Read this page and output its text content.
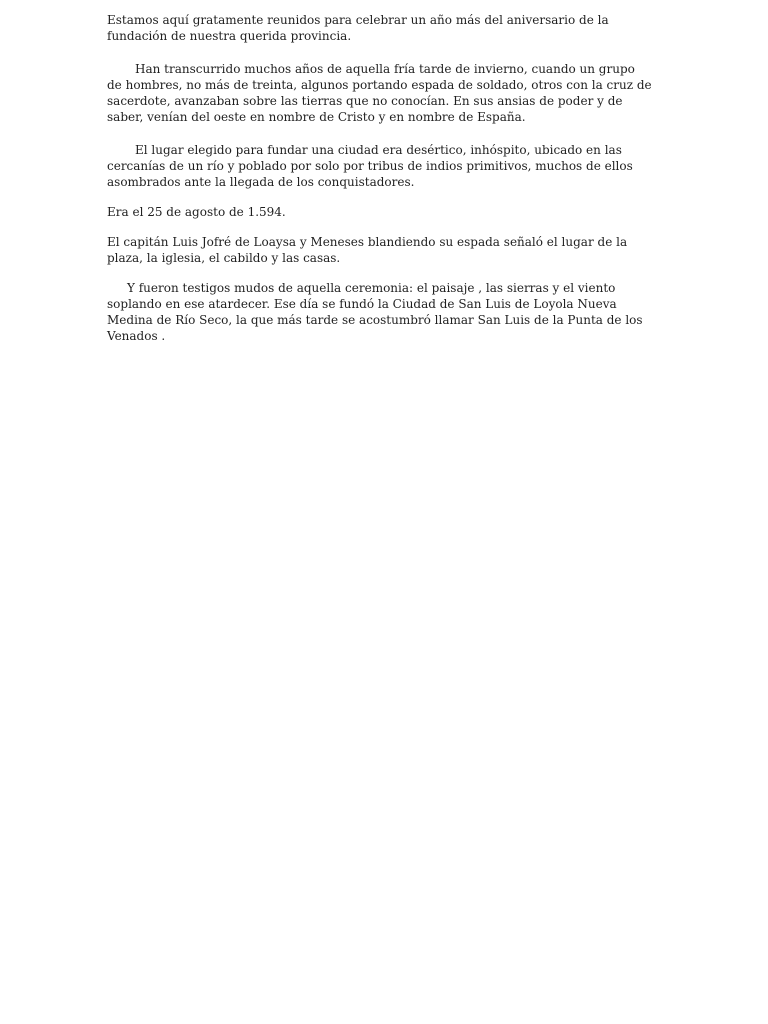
Estamos aquí gratamente reunidos para celebrar un año más del aniversario de la fundación de nuestra querida provincia.

Han transcurrido muchos años de aquella fría tarde de invierno, cuando un grupo de hombres, no más de treinta, algunos portando espada de soldado, otros con la cruz de sacerdote, avanzaban sobre las tierras que no conocían. En sus ansias de poder y de saber, venían del oeste en nombre de Cristo y en nombre de España.

El lugar elegido para fundar una ciudad era desértico, inhóspito, ubicado en las cercanías de un río y poblado por solo por tribus de indios primitivos, muchos de ellos asombrados ante la llegada de los conquistadores.

Era el 25 de agosto de 1.594.

El capitán Luis Jofré de Loaysa y Meneses blandiendo su espada señaló el lugar de la plaza, la iglesia, el cabildo y las casas.

Y fueron testigos mudos de aquella ceremonia: el paisaje , las sierras y el viento soplando en ese atardecer. Ese día se fundó la Ciudad de San Luis de Loyola Nueva Medina de Río Seco, la que más tarde se acostumbró llamar San Luis de la Punta de los Venados .
